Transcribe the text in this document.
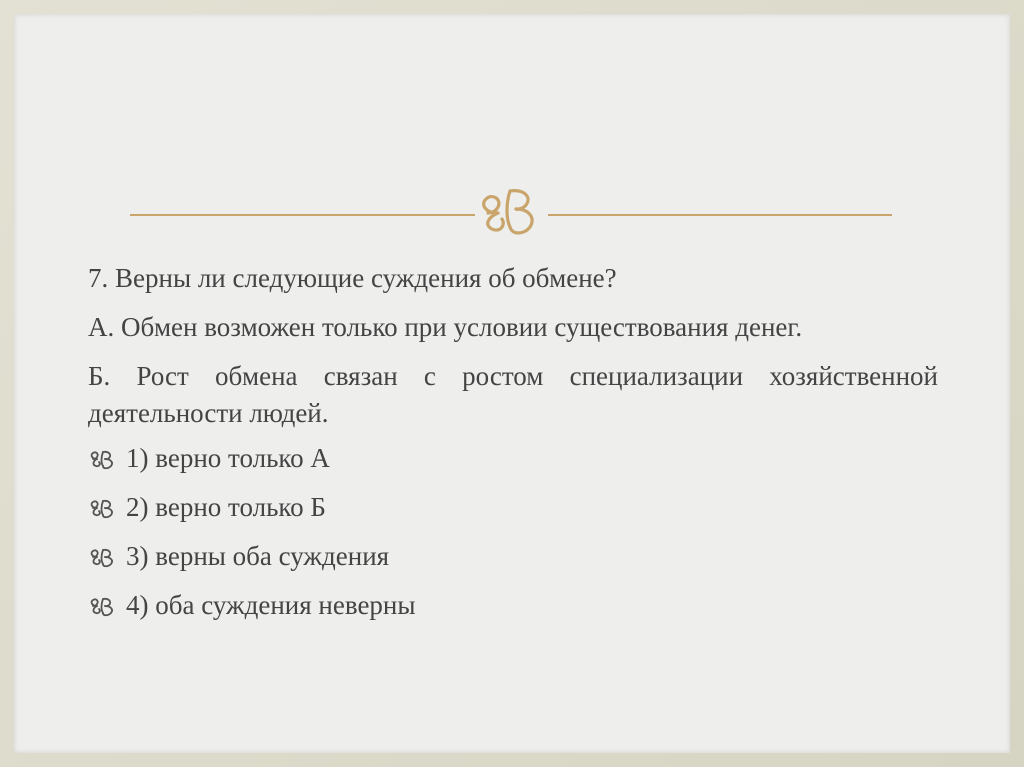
7. Верны ли следующие суждения об обмене?

А. Обмен возможен только при условии существования денег.

Б. Рост обмена связан с ростом специализации хозяйственной деятельности людей.

1) верно только А
2) верно только Б
3) верны оба суждения
4) оба суждения неверны
